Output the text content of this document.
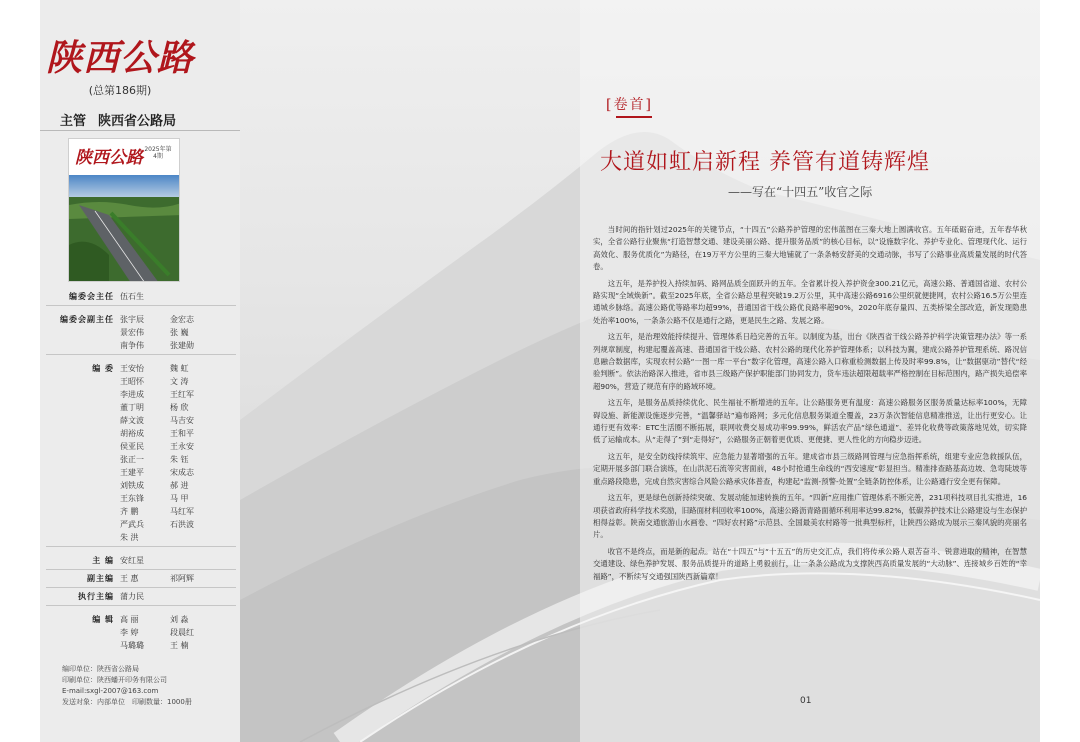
陕西公路
(总第186期)
主管 陕西省公路局
陕西公路 2025年第4期
编委会主任 伍石生
编委会副主任 张宇辰	金宏志
景宏伟	张 巍
南争伟	张建勋
编 委 王安怡	魏 虹
王昭怀	文 涛
李进成	王红军
董丁明	杨 欣
薛文波	马吉安
胡裕成	王和平
侯亚民	王永安
张正一	朱 钰
王建平	宋成志
刘铁成	郝 进
王东锋	马 甲
齐 鹏	马红军
严武兵	石洪波
朱 洪
主 编 安红星
副主编 王 惠	祁阿辉
执行主编 蒲力民
编 辑 高 丽	刘 淼
李 婷	段晨红
马璐璐	王 楠
编印单位：陕西省公路局
印刷单位：陕西蟠开印务有限公司
E-mail:sxgl-2007@163.com
发送对象：内部单位　印刷数量：1000册
[卷首]
大道如虹启新程 养管有道铸辉煌
——写在“十四五”收官之际

当时间的指针划过2025年的关键节点，“十四五”公路养护管理的宏伟蓝图在三秦大地上圆满收官。五年砥砺奋进，五年春华秋实，全省公路行业聚焦“打造智慧交通、建设美丽公路、提升服务品质”的核心目标，以“设施数字化、养护专业化、管理现代化、运行高效化、服务优质化”为路径，在19万平方公里的三秦大地铺就了一条条畅安舒美的交通动脉，书写了公路事业高质量发展的时代答卷。

这五年，是养护投入持续加码、路网品质全面跃升的五年。全省累计投入养护资金300.21亿元，高速公路、普通国省道、农村公路实现“全域焕新”。截至2025年底，全省公路总里程突破19.2万公里，其中高速公路6916公里织就便捷网，农村公路16.5万公里连通城乡脉络。高速公路优等路率均超99%，普通国省干线公路优良路率超90%，2020年底存量四、五类桥梁全部改造，新发现隐患处治率100%，一条条公路不仅是通行之路，更是民生之路、发展之路。

这五年，是治理效能持续提升、管理体系日趋完善的五年。以制度为基，出台《陕西省干线公路养护科学决策管理办法》等一系列规章制度，构建起覆盖高速、普通国省干线公路、农村公路的现代化养护管理体系；以科技为翼，建成公路养护管理系统、路况信息融合数据库，实现农村公路“一图一库一平台”数字化管理，高速公路入口称重检测数据上传及时率99.8%，让“数据驱动”替代“经验判断”。依法治路深入推进，省市县三级路产保护职能部门协同发力，货车违法超限超载率严格控制在目标范围内，路产损失追偿率超90%，营造了规范有序的路域环境。

这五年，是服务品质持续优化、民生福祉不断增进的五年。让公路服务更有温度：高速公路服务区服务质量达标率100%，无障碍设施、新能源设施逐步完善，“温馨驿站”遍布路网；多元化信息服务渠道全覆盖，23万条次智能信息精准推送，让出行更安心。让通行更有效率：ETC生活圈不断拓展，联网收费交易成功率99.99%，鲜活农产品“绿色通道”、差异化收费等政策落地见效，切实降低了运输成本。从“走得了”到“走得好”，公路服务正朝着更优质、更便捷、更人性化的方向稳步迈进。

这五年，是安全防线持续筑牢、应急能力显著增强的五年。建成省市县三级路网管理与应急指挥系统，组建专业应急救援队伍，定期开展多部门联合演练，在山洪泥石流等灾害面前，48小时抢通生命线的“西安速度”彰显担当。精准排查路基高边坡、急弯陡坡等重点路段隐患，完成自然灾害综合风险公路承灾体普查，构建起“监测-预警-处置”全链条防控体系，让公路通行安全更有保障。

这五年，更是绿色创新持续突破、发展动能加速转换的五年。“四新”应用推广管理体系不断完善，231项科技项目扎实推进，16项获省政府科学技术奖励，旧路面材料回收率100%，高速公路沥青路面循环利用率达99.82%，低碳养护技术让公路建设与生态保护相得益彰。陕南交通旅游山水画卷、“四好农村路”示范县、全国最美农村路等一批典型标杆，让陕西公路成为展示三秦风貌的亮丽名片。

收官不是终点，而是新的起点。站在“十四五”与“十五五”的历史交汇点，我们将传承公路人艰苦奋斗、锐意进取的精神，在智慧交通建设、绿色养护发展、服务品质提升的道路上勇毅前行，让一条条公路成为支撑陕西高质量发展的“大动脉”、连接城乡百姓的“幸福路”，不断续写交通强国陕西新篇章！

01
